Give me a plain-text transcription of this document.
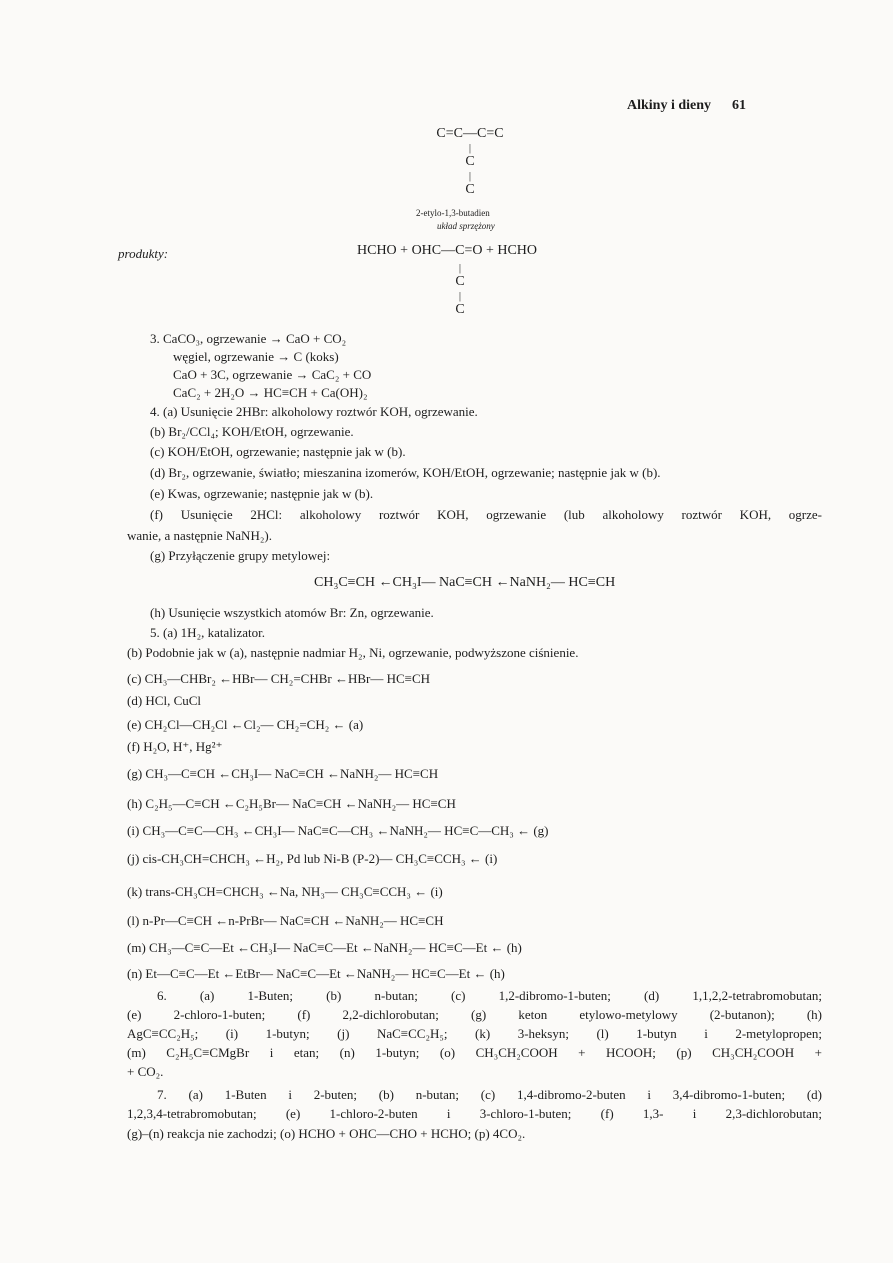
Alkiny i dieny 61
C=C—C=C
|
C
|
C
2-etylo-1,3-butadien
układ sprzężony
produkty:	HCHO + OHC—C=O + HCHO
|
C
|
C
3. CaCO₃, ogrzewanie → CaO + CO₂
węgiel, ogrzewanie → C (koks)
CaO + 3C, ogrzewanie → CaC₂ + CO
CaC₂ + 2H₂O → HC≡CH + Ca(OH)₂
4. (a) Usunięcie 2HBr: alkoholowy roztwór KOH, ogrzewanie.
(b) Br₂/CCl₄; KOH/EtOH, ogrzewanie.
(c) KOH/EtOH, ogrzewanie; następnie jak w (b).
(d) Br₂, ogrzewanie, światło; mieszanina izomerów, KOH/EtOH, ogrzewanie; następnie jak w (b).
(e) Kwas, ogrzewanie; następnie jak w (b).
(f) Usunięcie 2HCl: alkoholowy roztwór KOH, ogrzewanie (lub alkoholowy roztwór KOH, ogrze-
wanie, a następnie NaNH₂).
(g) Przyłączenie grupy metylowej:
CH₃C≡CH ←CH₃I— NaC≡CH ←NaNH₂— HC≡CH
(h) Usunięcie wszystkich atomów Br: Zn, ogrzewanie.
5. (a) 1H₂, katalizator.
(b) Podobnie jak w (a), następnie nadmiar H₂, Ni, ogrzewanie, podwyższone ciśnienie.
(c) CH₃—CHBr₂ ←HBr— CH₂=CHBr ←HBr— HC≡CH
(d) HCl, CuCl
(e) CH₂Cl—CH₂Cl ←Cl₂— CH₂=CH₂ ← (a)
(f) H₂O, H⁺, Hg²⁺
(g) CH₃—C≡CH ←CH₃I— NaC≡CH ←NaNH₂— HC≡CH
(h) C₂H₅—C≡CH ←C₂H₅Br— NaC≡CH ←NaNH₂— HC≡CH
(i) CH₃—C≡C—CH₃ ←CH₃I— NaC≡C—CH₃ ←NaNH₂— HC≡C—CH₃ ← (g)
(j) cis-CH₃CH=CHCH₃ ←H₂, Pd lub Ni-B (P-2)— CH₃C≡CCH₃ ← (i)
(k) trans-CH₃CH=CHCH₃ ←Na, NH₃— CH₃C≡CCH₃ ← (i)
(l) n-Pr—C≡CH ←n-PrBr— NaC≡CH ←NaNH₂— HC≡CH
(m) CH₃—C≡C—Et ←CH₃I— NaC≡C—Et ←NaNH₂— HC≡C—Et ← (h)
(n) Et—C≡C—Et ←EtBr— NaC≡C—Et ←NaNH₂— HC≡C—Et ← (h)
6. (a) 1-Buten; (b) n-butan; (c) 1,2-dibromo-1-buten; (d) 1,1,2,2-tetrabromobutan;
(e) 2-chloro-1-buten; (f) 2,2-dichlorobutan; (g) keton etylowo-metylowy (2-butanon); (h)
AgC≡CC₂H₅; (i) 1-butyn; (j) NaC≡CC₂H₅; (k) 3-heksyn; (l) 1-butyn i 2-metylopropen;
(m) C₂H₅C≡CMgBr i etan; (n) 1-butyn; (o) CH₃CH₂COOH + HCOOH; (p) CH₃CH₂COOH +
+ CO₂.
7. (a) 1-Buten i 2-buten; (b) n-butan; (c) 1,4-dibromo-2-buten i 3,4-dibromo-1-buten; (d)
1,2,3,4-tetrabromobutan; (e) 1-chloro-2-buten i 3-chloro-1-buten; (f) 1,3- i 2,3-dichlorobutan;
(g)–(n) reakcja nie zachodzi; (o) HCHO + OHC—CHO + HCHO; (p) 4CO₂.
